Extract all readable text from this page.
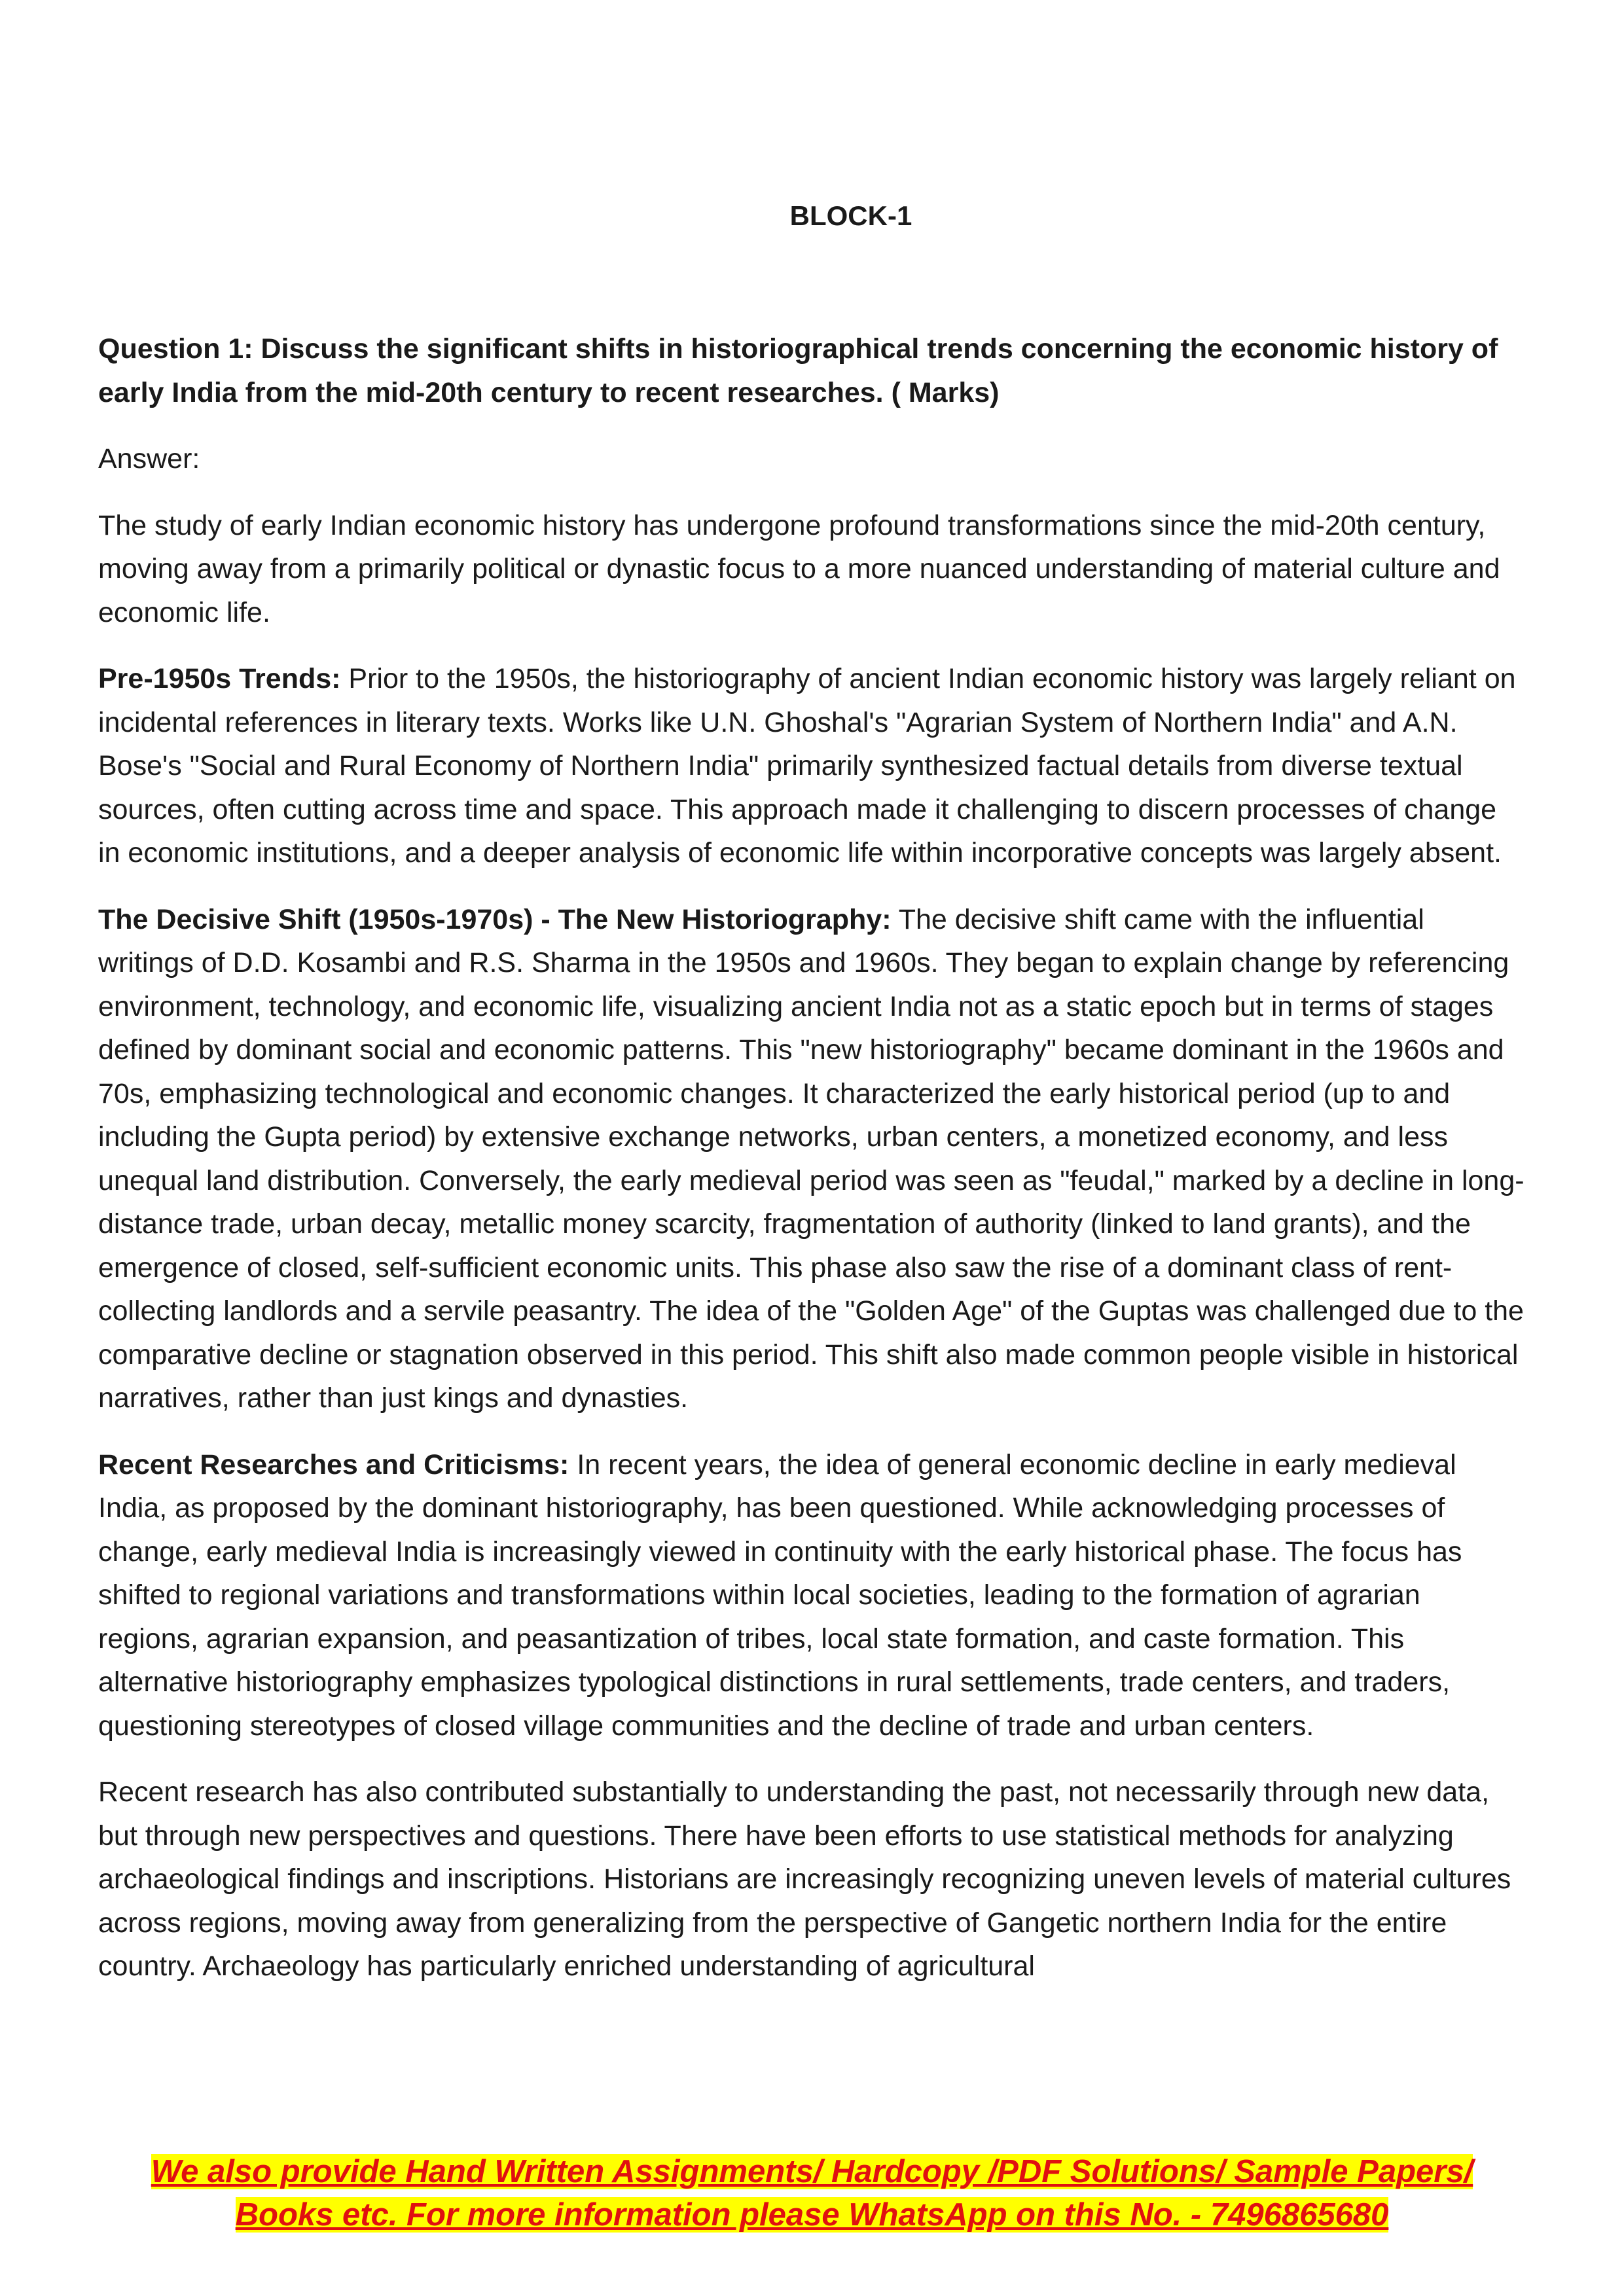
BLOCK-1

Question 1: Discuss the significant shifts in historiographical trends concerning the economic history of early India from the mid-20th century to recent researches. ( Marks)

Answer:

The study of early Indian economic history has undergone profound transformations since the mid-20th century, moving away from a primarily political or dynastic focus to a more nuanced understanding of material culture and economic life.

Pre-1950s Trends: Prior to the 1950s, the historiography of ancient Indian economic history was largely reliant on incidental references in literary texts. Works like U.N. Ghoshal's "Agrarian System of Northern India" and A.N. Bose's "Social and Rural Economy of Northern India" primarily synthesized factual details from diverse textual sources, often cutting across time and space. This approach made it challenging to discern processes of change in economic institutions, and a deeper analysis of economic life within incorporative concepts was largely absent.

The Decisive Shift (1950s-1970s) - The New Historiography: The decisive shift came with the influential writings of D.D. Kosambi and R.S. Sharma in the 1950s and 1960s. They began to explain change by referencing environment, technology, and economic life, visualizing ancient India not as a static epoch but in terms of stages defined by dominant social and economic patterns. This "new historiography" became dominant in the 1960s and 70s, emphasizing technological and economic changes. It characterized the early historical period (up to and including the Gupta period) by extensive exchange networks, urban centers, a monetized economy, and less unequal land distribution. Conversely, the early medieval period was seen as "feudal," marked by a decline in long-distance trade, urban decay, metallic money scarcity, fragmentation of authority (linked to land grants), and the emergence of closed, self-sufficient economic units. This phase also saw the rise of a dominant class of rent-collecting landlords and a servile peasantry. The idea of the "Golden Age" of the Guptas was challenged due to the comparative decline or stagnation observed in this period. This shift also made common people visible in historical narratives, rather than just kings and dynasties.

Recent Researches and Criticisms: In recent years, the idea of general economic decline in early medieval India, as proposed by the dominant historiography, has been questioned. While acknowledging processes of change, early medieval India is increasingly viewed in continuity with the early historical phase. The focus has shifted to regional variations and transformations within local societies, leading to the formation of agrarian regions, agrarian expansion, and peasantization of tribes, local state formation, and caste formation. This alternative historiography emphasizes typological distinctions in rural settlements, trade centers, and traders, questioning stereotypes of closed village communities and the decline of trade and urban centers.

Recent research has also contributed substantially to understanding the past, not necessarily through new data, but through new perspectives and questions. There have been efforts to use statistical methods for analyzing archaeological findings and inscriptions. Historians are increasingly recognizing uneven levels of material cultures across regions, moving away from generalizing from the perspective of Gangetic northern India for the entire country. Archaeology has particularly enriched understanding of agricultural

We also provide Hand Written Assignments/ Hardcopy /PDF Solutions/ Sample Papers/
Books etc. For more information please WhatsApp on this No. - 7496865680
